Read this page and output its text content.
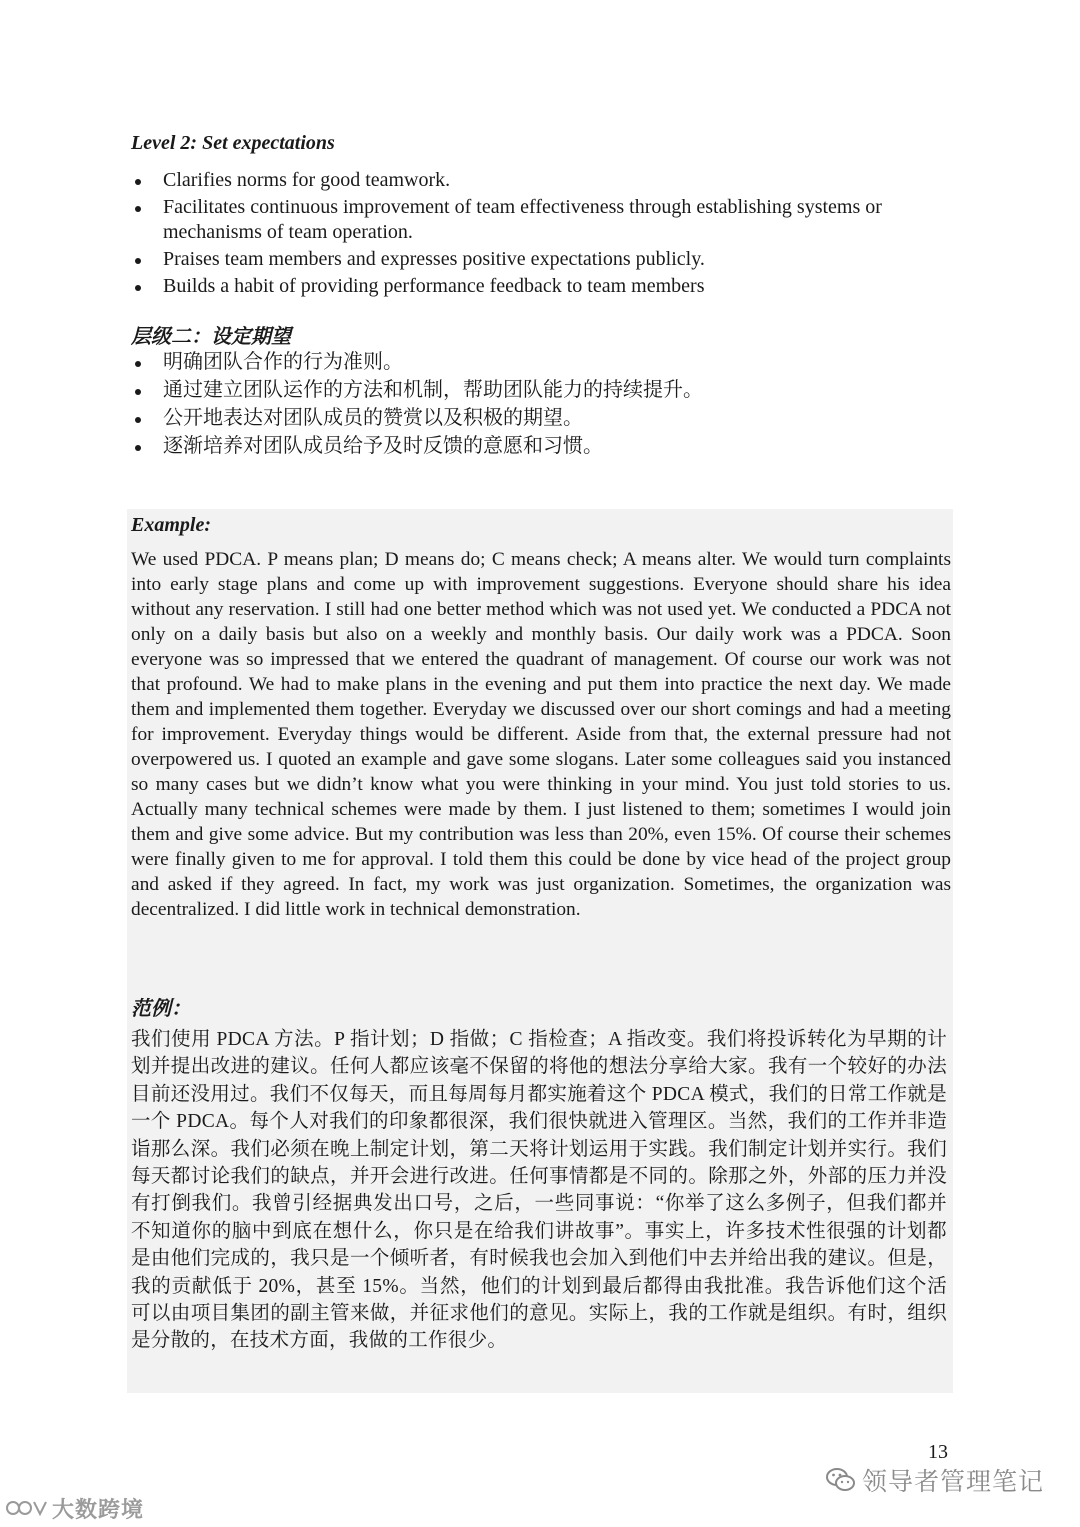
Level 2: Set expectations
Clarifies norms for good teamwork.
Facilitates continuous improvement of team effectiveness through establishing systems or mechanisms of team operation.
Praises team members and expresses positive expectations publicly.
Builds a habit of providing performance feedback to team members
层级二：设定期望
明确团队合作的行为准则。
通过建立团队运作的方法和机制，帮助团队能力的持续提升。
公开地表达对团队成员的赞赏以及积极的期望。
逐渐培养对团队成员给予及时反馈的意愿和习惯。
Example:
We used PDCA. P means plan; D means do; C means check; A means alter. We would turn complaints into early stage plans and come up with improvement suggestions. Everyone should share his idea without any reservation. I still had one better method which was not used yet. We conducted a PDCA not only on a daily basis but also on a weekly and monthly basis. Our daily work was a PDCA. Soon everyone was so impressed that we entered the quadrant of management. Of course our work was not that profound. We had to make plans in the evening and put them into practice the next day. We made them and implemented them together. Everyday we discussed over our short comings and had a meeting for improvement. Everyday things would be different. Aside from that, the external pressure had not overpowered us. I quoted an example and gave some slogans. Later some colleagues said you instanced so many cases but we didn’t know what you were thinking in your mind. You just told stories to us. Actually many technical schemes were made by them. I just listened to them; sometimes I would join them and give some advice. But my contribution was less than 20%, even 15%. Of course their schemes were finally given to me for approval. I told them this could be done by vice head of the project group and asked if they agreed. In fact, my work was just organization. Sometimes, the organization was decentralized. I did little work in technical demonstration.
范例：
我们使用 PDCA 方法。P 指计划；D 指做；C 指检查；A 指改变。我们将投诉转化为早期的计划并提出改进的建议。任何人都应该毫不保留的将他的想法分享给大家。我有一个较好的办法目前还没用过。我们不仅每天，而且每周每月都实施着这个 PDCA 模式，我们的日常工作就是一个 PDCA。每个人对我们的印象都很深，我们很快就进入管理区。当然，我们的工作并非造诣那么深。我们必须在晚上制定计划，第二天将计划运用于实践。我们制定计划并实行。我们每天都讨论我们的缺点，并开会进行改进。任何事情都是不同的。除那之外，外部的压力并没有打倒我们。我曾引经据典发出口号，之后，一些同事说：“你举了这么多例子，但我们都并不知道你的脑中到底在想什么，你只是在给我们讲故事”。事实上，许多技术性很强的计划都是由他们完成的，我只是一个倾听者，有时候我也会加入到他们中去并给出我的建议。但是，我的贡献低于 20%，甚至 15%。当然，他们的计划到最后都得由我批准。我告诉他们这个活可以由项目集团的副主管来做，并征求他们的意见。实际上，我的工作就是组织。有时，组织是分散的，在技术方面，我做的工作很少。
13
领导者管理笔记
大数跨境
